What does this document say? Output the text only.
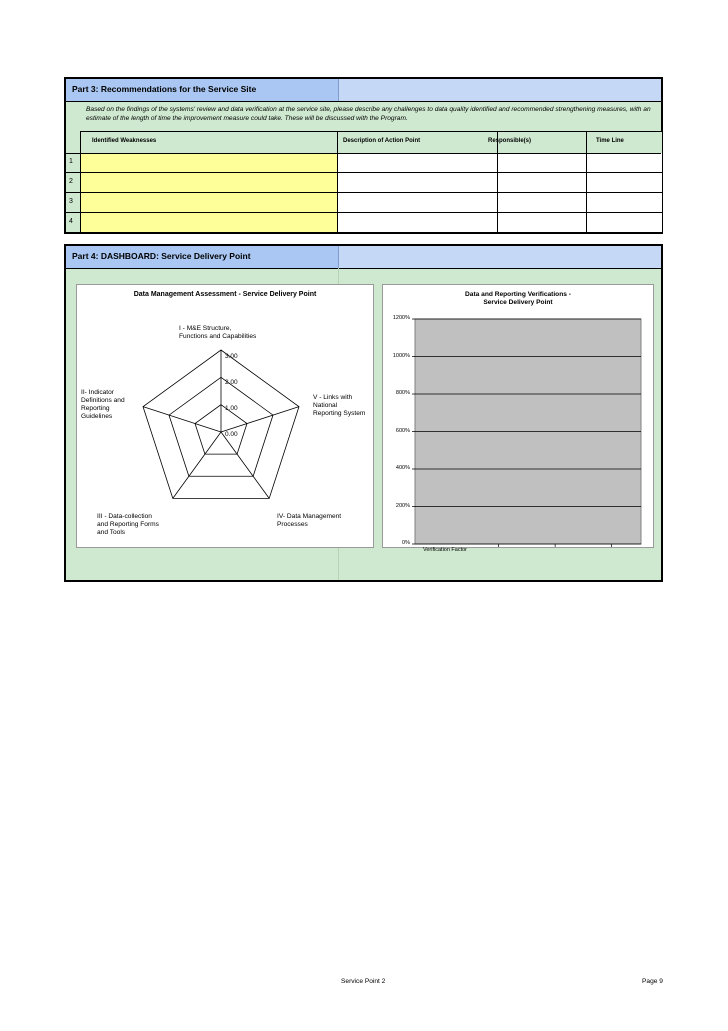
Part 3: Recommendations for the Service Site
Based on the findings of the systems' review and data verification at the service site, please describe any challenges to data quality identified and recommended strengthening measures, with an estimate of the length of time the improvement measure could take. These will be discussed with the Program.
Identified Weaknesses	Description of Action Point	Responsible(s)	Time Line
1
2
3
4
Part 4: DASHBOARD: Service Delivery Point
Data Management Assessment - Service Delivery Point
I - M&E Structure,
Functions and Capabilities
V - Links with
National
Reporting System
IV- Data Management
Processes
III - Data-collection
and Reporting Forms
and Tools
II- Indicator
Definitions and
Reporting
Guidelines
0.00
1.00
2.00
3.00
Data and Reporting Verifications -
Service Delivery Point
0%
200%
400%
600%
800%
1000%
1200%
Verification Factor
Service Point 2	Page 9
